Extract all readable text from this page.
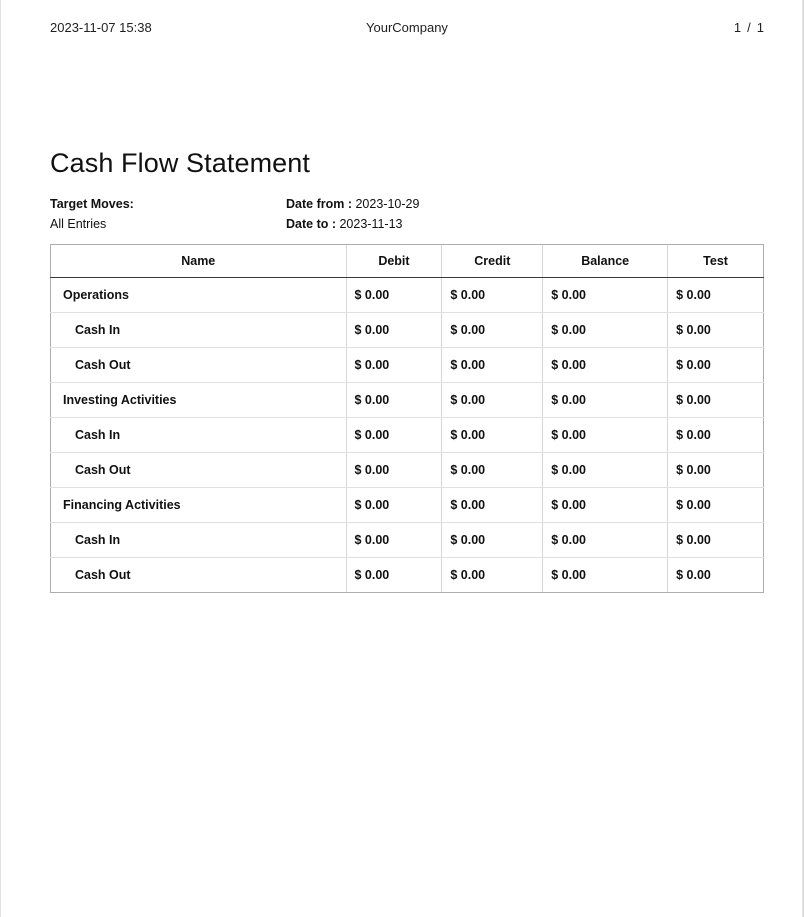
2023-11-07 15:38	YourCompany	1 / 1
Cash Flow Statement
Target Moves:
All Entries
Date from : 2023-10-29
Date to : 2023-11-13
Name	Debit	Credit	Balance	Test
Operations	$ 0.00	$ 0.00	$ 0.00	$ 0.00
Cash In	$ 0.00	$ 0.00	$ 0.00	$ 0.00
Cash Out	$ 0.00	$ 0.00	$ 0.00	$ 0.00
Investing Activities	$ 0.00	$ 0.00	$ 0.00	$ 0.00
Cash In	$ 0.00	$ 0.00	$ 0.00	$ 0.00
Cash Out	$ 0.00	$ 0.00	$ 0.00	$ 0.00
Financing Activities	$ 0.00	$ 0.00	$ 0.00	$ 0.00
Cash In	$ 0.00	$ 0.00	$ 0.00	$ 0.00
Cash Out	$ 0.00	$ 0.00	$ 0.00	$ 0.00
